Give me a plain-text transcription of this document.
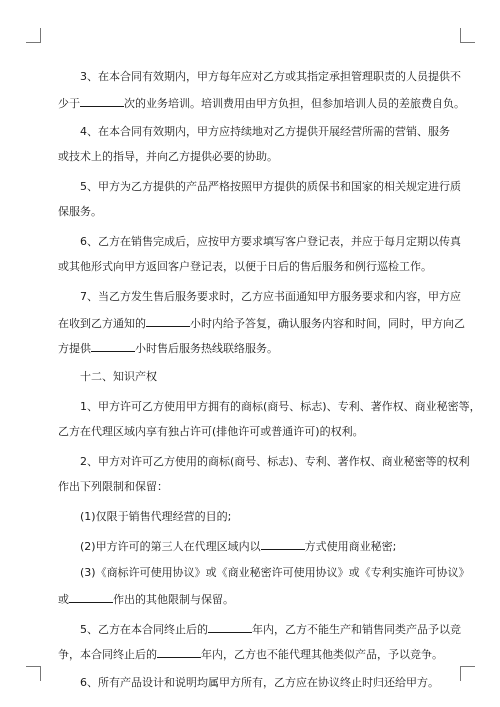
3、在本合同有效期内，甲方每年应对乙方或其指定承担管理职责的人员提供不
少于	次的业务培训。培训费用由甲方负担，但参加培训人员的差旅费自负。
4、在本合同有效期内，甲方应持续地对乙方提供开展经营所需的营销、服务
或技术上的指导，并向乙方提供必要的协助。
5、甲方为乙方提供的产品严格按照甲方提供的质保书和国家的相关规定进行质
保服务。
6、乙方在销售完成后，应按甲方要求填写客户登记表，并应于每月定期以传真
或其他形式向甲方返回客户登记表，以便于日后的售后服务和例行巡检工作。
7、当乙方发生售后服务要求时，乙方应书面通知甲方服务要求和内容，甲方应
在收到乙方通知的	小时内给予答复，确认服务内容和时间，同时，甲方向乙
方提供	小时售后服务热线联络服务。
十二、知识产权
1、甲方许可乙方使用甲方拥有的商标(商号、标志)、专利、著作权、商业秘密等，
乙方在代理区域内享有独占许可(排他许可或普通许可)的权利。
2、甲方对许可乙方使用的商标(商号、标志)、专利、著作权、商业秘密等的权利
作出下列限制和保留：
(1)仅限于销售代理经营的目的;
(2)甲方许可的第三人在代理区域内以	方式使用商业秘密;
(3)《商标许可使用协议》或《商业秘密许可使用协议》或《专利实施许可协议》
或	作出的其他限制与保留。
5、乙方在本合同终止后的	年内，乙方不能生产和销售同类产品予以竞
争，本合同终止后的	年内，乙方也不能代理其他类似产品，予以竞争。
6、所有产品设计和说明均属甲方所有，乙方应在协议终止时归还给甲方。
